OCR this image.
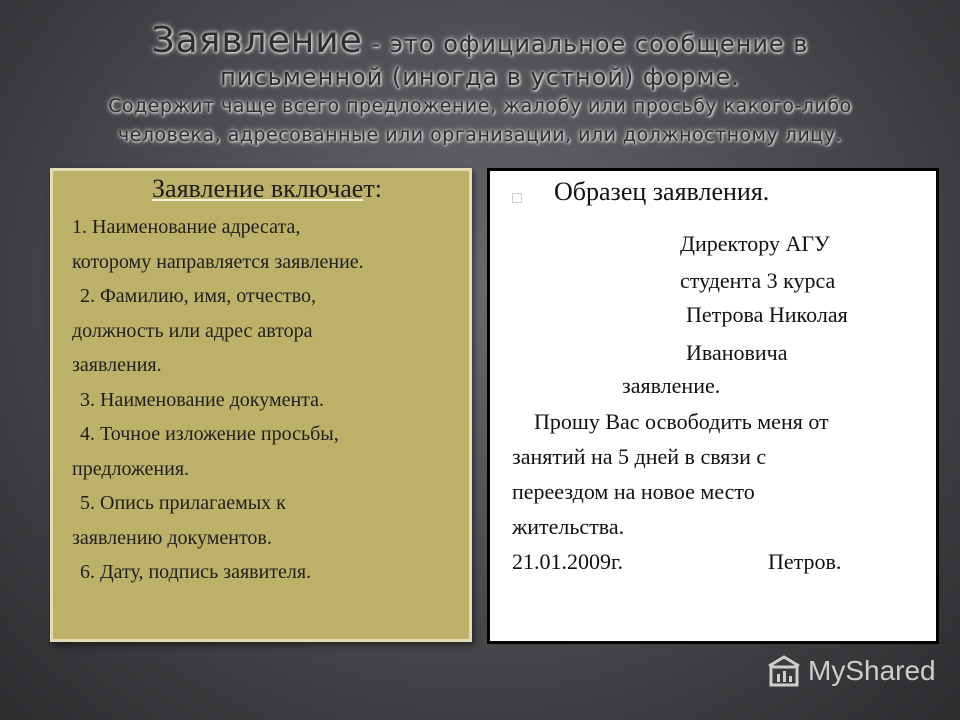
Заявление - это официальное сообщение в
письменной (иногда в устной) форме.
Содержит чаще всего предложение, жалобу или просьбу какого-либо
человека, адресованные или организации, или должностному лицу.
Заявление включает:
1. Наименование адресата,
которому направляется заявление.
2. Фамилию, имя, отчество,
должность или адрес автора
заявления.
3. Наименование документа.
4. Точное изложение просьбы,
предложения.
5. Опись прилагаемых к
заявлению документов.
6. Дату, подпись заявителя.
Образец заявления.
Директору АГУ
студента 3 курса
Петрова Николая
Ивановича
заявление.
Прошу Вас освободить меня от
занятий на 5 дней в связи с
переездом на новое место
жительства.
21.01.2009г.	Петров.
MyShared
